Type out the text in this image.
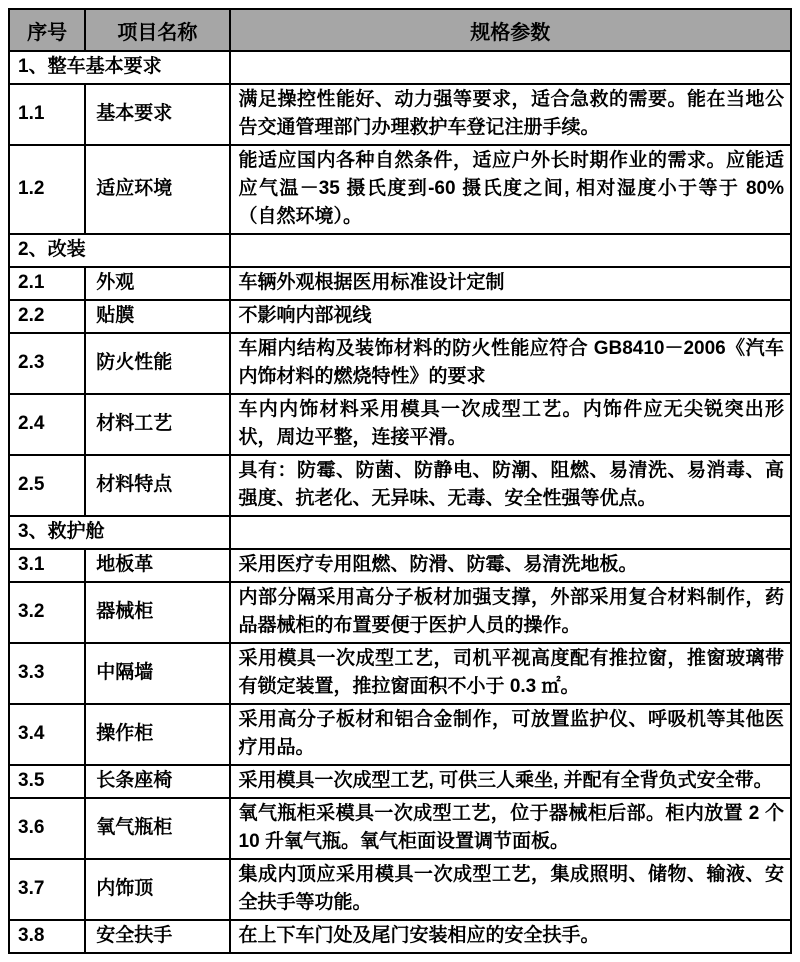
序号	项目名称	规格参数
1、整车基本要求		
1.1	基本要求	满足操控性能好、动力强等要求，适合急救的需要。能在当地公告交通管理部门办理救护车登记注册手续。
1.2	适应环境	能适应国内各种自然条件，适应户外长时期作业的需求。应能适应气温－35 摄氏度到-60 摄氏度之间, 相对湿度小于等于 80%（自然环境）。
2、改装		
2.1	外观	车辆外观根据医用标准设计定制
2.2	贴膜	不影响内部视线
2.3	防火性能	车厢内结构及装饰材料的防火性能应符合 GB8410－2006《汽车内饰材料的燃烧特性》的要求
2.4	材料工艺	车内内饰材料采用模具一次成型工艺。内饰件应无尖锐突出形状，周边平整，连接平滑。
2.5	材料特点	具有：防霉、防菌、防静电、防潮、阻燃、易清洗、易消毒、高强度、抗老化、无异味、无毒、安全性强等优点。
3、救护舱		
3.1	地板革	采用医疗专用阻燃、防滑、防霉、易清洗地板。
3.2	器械柜	内部分隔采用高分子板材加强支撑，外部采用复合材料制作，药品器械柜的布置要便于医护人员的操作。
3.3	中隔墙	采用模具一次成型工艺，司机平视高度配有推拉窗，推窗玻璃带有锁定装置，推拉窗面积不小于 0.3 ㎡。
3.4	操作柜	采用高分子板材和铝合金制作，可放置监护仪、呼吸机等其他医疗用品。
3.5	长条座椅	采用模具一次成型工艺, 可供三人乘坐, 并配有全背负式安全带。
3.6	氧气瓶柜	氧气瓶柜采模具一次成型工艺，位于器械柜后部。柜内放置 2 个 10 升氧气瓶。氧气柜面设置调节面板。
3.7	内饰顶	集成内顶应采用模具一次成型工艺，集成照明、储物、输液、安全扶手等功能。
3.8	安全扶手	在上下车门处及尾门安装相应的安全扶手。
